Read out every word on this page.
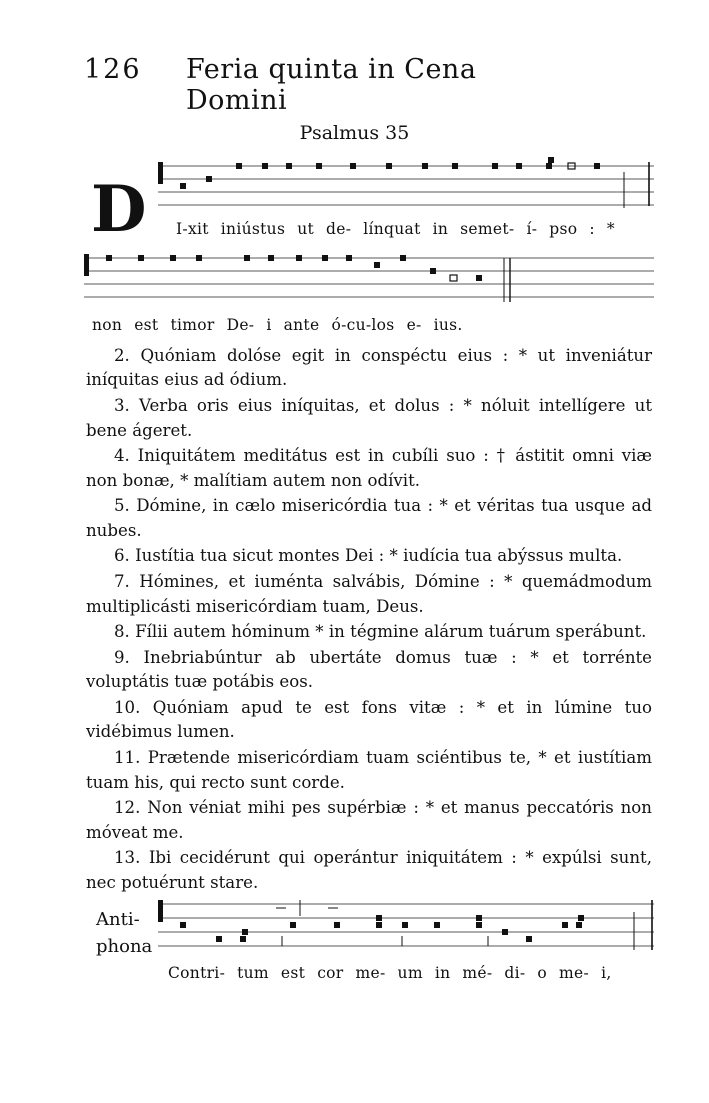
126 Feria quinta in Cena Domini
Psalmus 35
D I-xit iniústus ut de- línquat in semet- í- pso : *
non est timor De- i ante ó-cu-los e- ius.

2. Quóniam dolóse egit in conspéctu eius : * ut inveniátur iníquitas eius ad ódium.

3. Verba oris eius iníquitas, et dolus : * nóluit intellígere ut bene ágeret.

4. Iniquitátem meditátus est in cubíli suo : † ástitit omni viæ non bonæ, * malítiam autem non odívit.

5. Dómine, in cælo misericórdia tua : * et véritas tua usque ad nubes.

6. Iustítia tua sicut montes Dei : * iudícia tua abýssus multa.

7. Hómines, et iuménta salvábis, Dómine : * quemádmodum multiplicásti misericórdiam tuam, Deus.

8. Fílii autem hóminum * in tégmine alárum tuárum sperábunt.

9. Inebriabúntur ab ubertáte domus tuæ : * et torrénte voluptátis tuæ potábis eos.

10. Quóniam apud te est fons vitæ : * et in lúmine tuo vidébimus lumen.

11. Prætende misericórdiam tuam sciéntibus te, * et iustítiam tuam his, qui recto sunt corde.

12. Non véniat mihi pes supérbiæ : * et manus peccatóris non móveat me.

13. Ibi cecidérunt qui operántur iniquitátem : * expúlsi sunt, nec potuérunt stare.

Anti-
phona
Contri- tum est cor me- um in mé- di- o me- i,
